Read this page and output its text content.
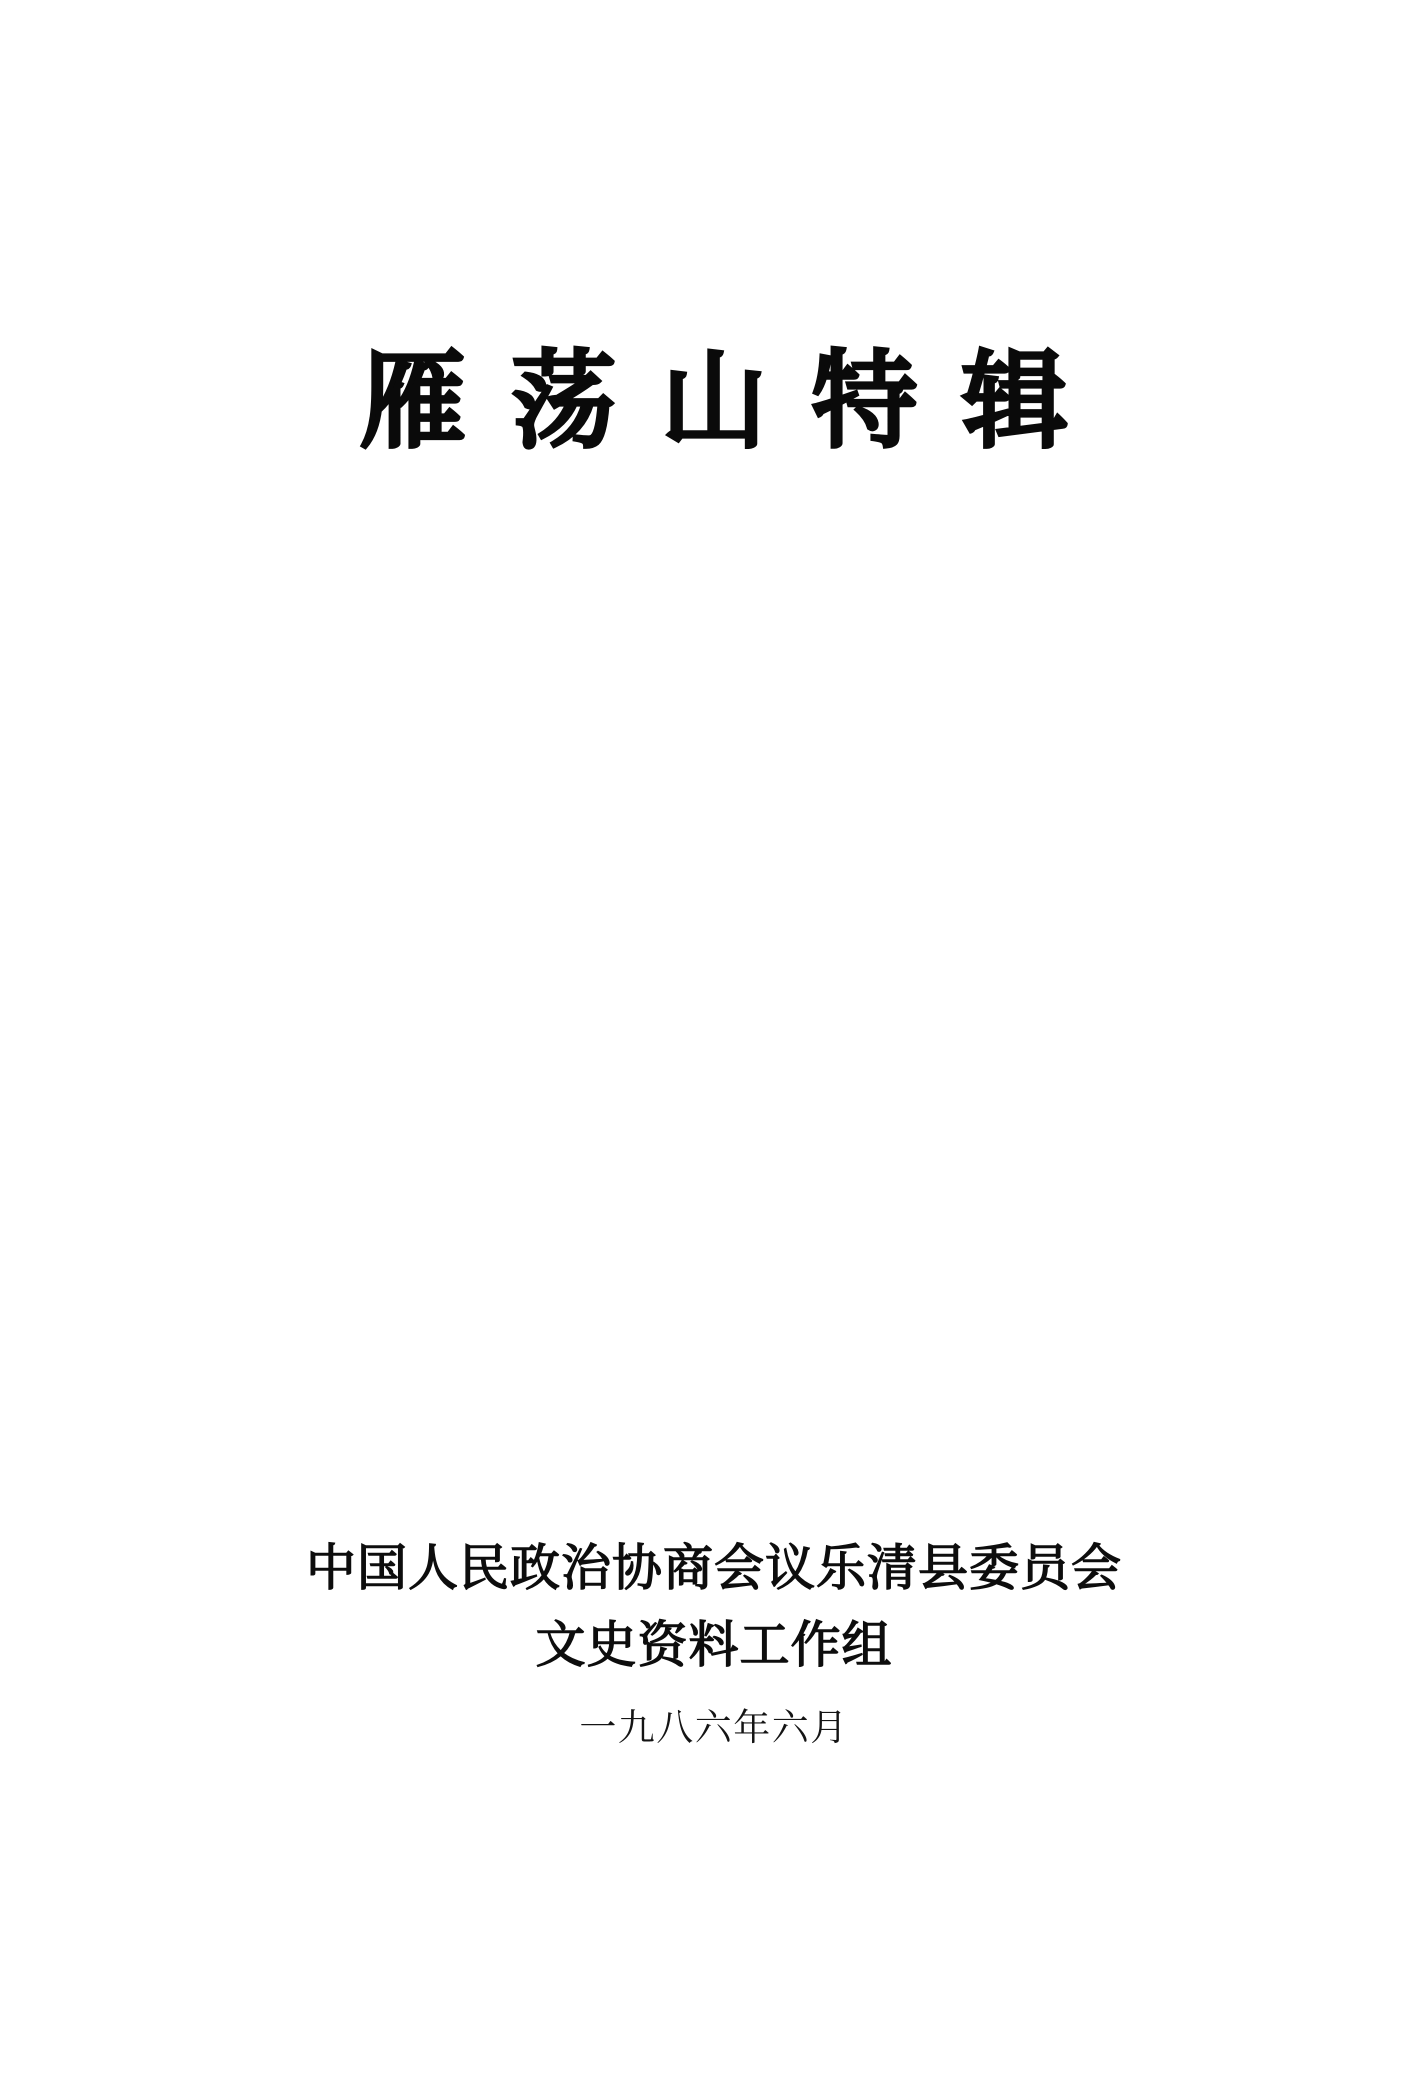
雁荡山特辑
中国人民政治协商会议乐清县委员会
文史资料工作组
一九八六年六月
